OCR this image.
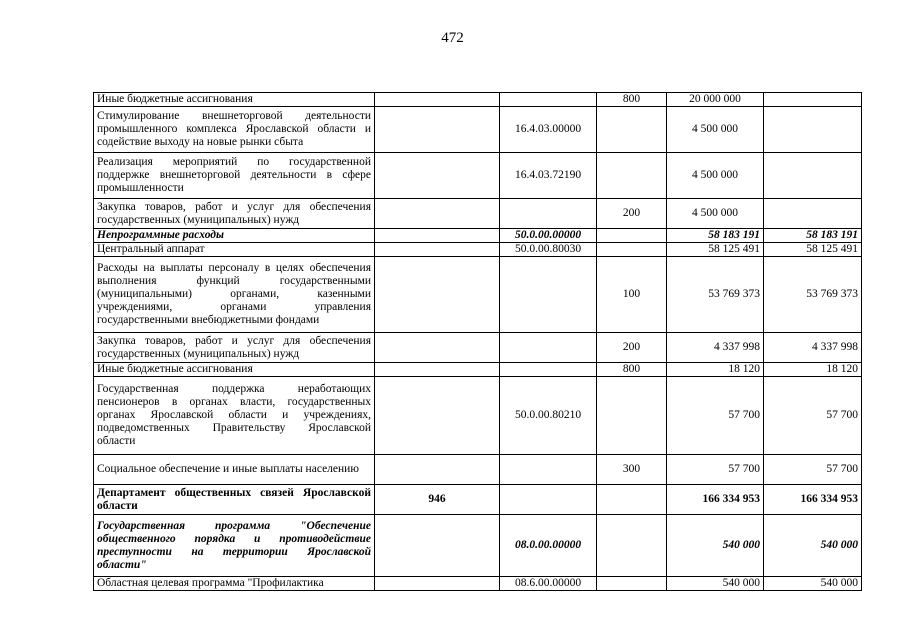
472
Иные бюджетные ассигнования			800	20 000 000	
Стимулирование внешнеторговой деятельности промышленного комплекса Ярославской области и содействие выходу на новые рынки сбыта		16.4.03.00000		4 500 000	
Реализация мероприятий по государственной поддержке внешнеторговой деятельности в сфере промышленности		16.4.03.72190		4 500 000	
Закупка товаров, работ и услуг для обеспечения государственных (муниципальных) нужд			200	4 500 000	
Непрограммные расходы		50.0.00.00000		58 183 191	58 183 191
Центральный аппарат		50.0.00.80030		58 125 491	58 125 491
Расходы на выплаты персоналу в целях обеспечения выполнения функций государственными (муниципальными) органами, казенными учреждениями, органами управления государственными внебюджетными фондами			100	53 769 373	53 769 373
Закупка товаров, работ и услуг для обеспечения государственных (муниципальных) нужд			200	4 337 998	4 337 998
Иные бюджетные ассигнования			800	18 120	18 120
Государственная поддержка неработающих пенсионеров в органах власти, государственных органах Ярославской области и учреждениях, подведомственных Правительству Ярославской области		50.0.00.80210		57 700	57 700
Социальное обеспечение и иные выплаты населению			300	57 700	57 700
Департамент общественных связей Ярославской области	946			166 334 953	166 334 953
Государственная программа "Обеспечение общественного порядка и противодействие преступности на территории Ярославской области"		08.0.00.00000		540 000	540 000
Областная целевая программа "Профилактика		08.6.00.00000		540 000	540 000
